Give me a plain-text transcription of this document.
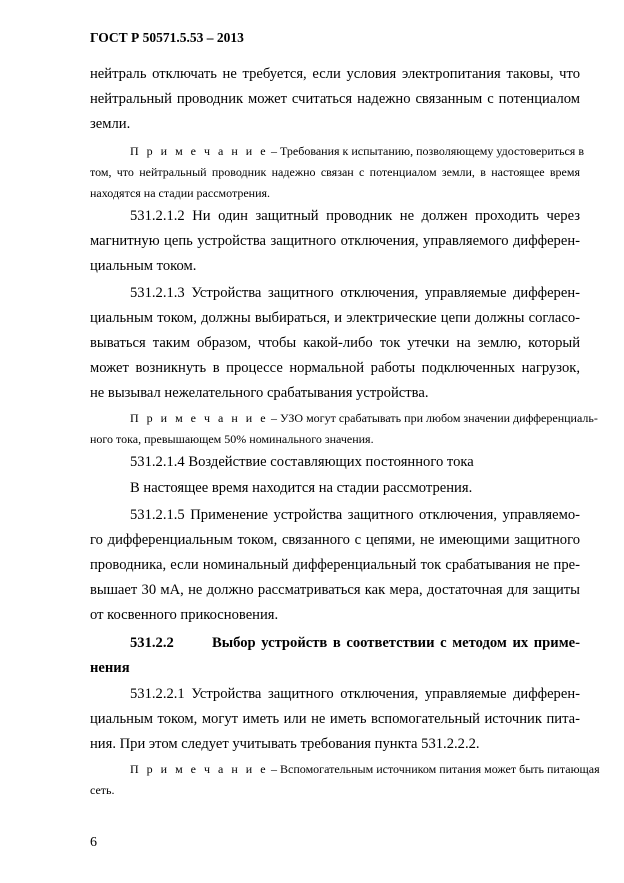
ГОСТ Р 50571.5.53 – 2013
нейтраль отключать не требуется, если условия электропитания таковы, что
нейтральный проводник может считаться надежно связанным с потенциалом
земли.
П р и м е ч а н и е – Требования к испытанию, позволяющему удостовериться в
том, что нейтральный проводник надежно связан с потенциалом земли, в настоящее время
находятся на стадии рассмотрения.
531.2.1.2 Ни один защитный проводник не должен проходить через
магнитную цепь устройства защитного отключения, управляемого дифферен-
циальным током.
531.2.1.3 Устройства защитного отключения, управляемые дифферен-
циальным током, должны выбираться, и электрические цепи должны согласо-
вываться таким образом, чтобы какой-либо ток утечки на землю, который
может возникнуть в процессе нормальной работы подключенных нагрузок,
не вызывал нежелательного срабатывания устройства.
П р и м е ч а н и е – УЗО могут срабатывать при любом значении дифференциаль-
ного тока, превышающем 50% номинального значения.
531.2.1.4 Воздействие составляющих постоянного тока
В настоящее время находится на стадии рассмотрения.
531.2.1.5 Применение устройства защитного отключения, управляемо-
го дифференциальным током, связанного с цепями, не имеющими защитного
проводника, если номинальный дифференциальный ток срабатывания не пре-
вышает 30 мА, не должно рассматриваться как мера, достаточная для защиты
от косвенного прикосновения.
531.2.2	Выбор устройств в соответствии с методом их приме-
нения
531.2.2.1 Устройства защитного отключения, управляемые дифферен-
циальным током, могут иметь или не иметь вспомогательный источник пита-
ния. При этом следует учитывать требования пункта 531.2.2.2.
П р и м е ч а н и е – Вспомогательным источником питания может быть питающая
сеть.
6
